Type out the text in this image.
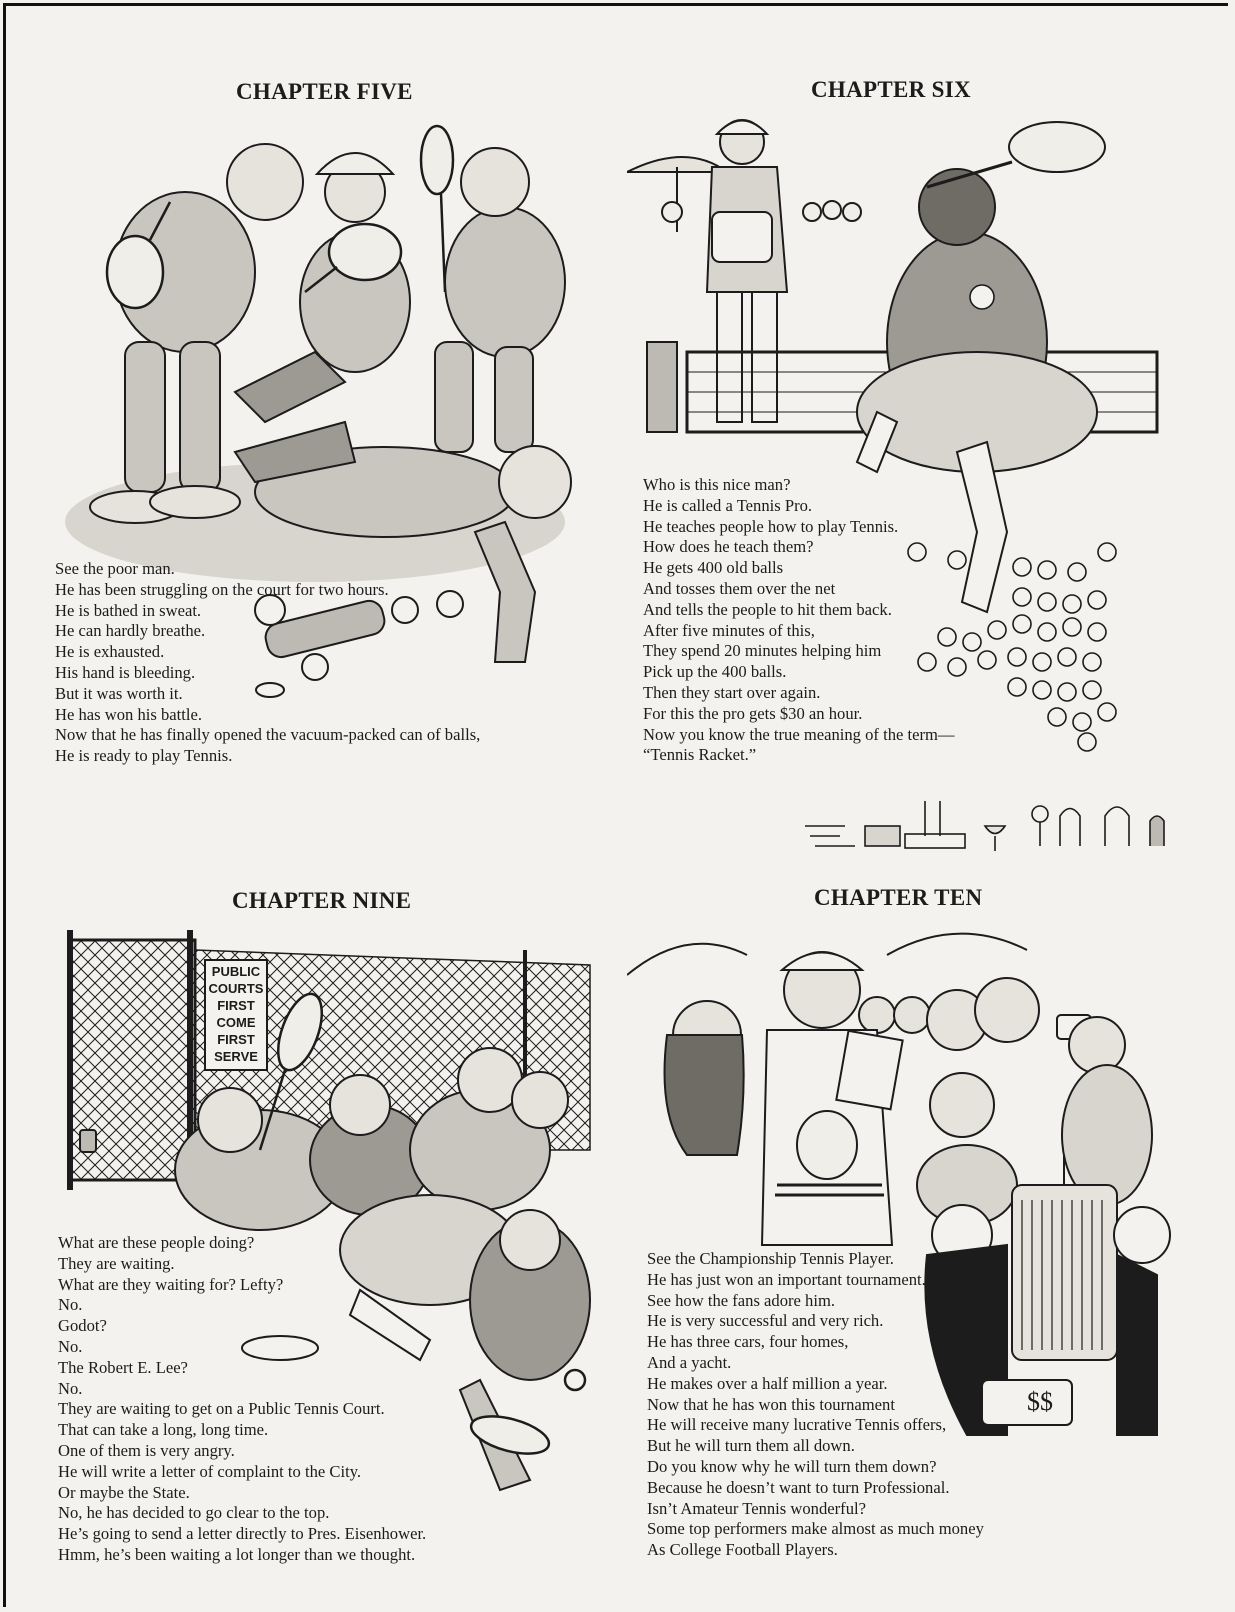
CHAPTER FIVE
See the poor man.
He has been struggling on the court for two hours.
He is bathed in sweat.
He can hardly breathe.
He is exhausted.
His hand is bleeding.
But it was worth it.
He has won his battle.
Now that he has finally opened the vacuum-packed can of balls,
He is ready to play Tennis.
CHAPTER SIX
Who is this nice man?
He is called a Tennis Pro.
He teaches people how to play Tennis.
How does he teach them?
He gets 400 old balls
And tosses them over the net
And tells the people to hit them back.
After five minutes of this,
They spend 20 minutes helping him
Pick up the 400 balls.
Then they start over again.
For this the pro gets $30 an hour.
Now you know the true meaning of the term—
“Tennis Racket.”
CHAPTER NINE
PUBLIC
COURTS
FIRST
COME
FIRST
SERVE
What are these people doing?
They are waiting.
What are they waiting for? Lefty?
No.
Godot?
No.
The Robert E. Lee?
No.
They are waiting to get on a Public Tennis Court.
That can take a long, long time.
One of them is very angry.
He will write a letter of complaint to the City.
Or maybe the State.
No, he has decided to go clear to the top.
He’s going to send a letter directly to Pres. Eisenhower.
Hmm, he’s been waiting a lot longer than we thought.
CHAPTER TEN
$$
See the Championship Tennis Player.
He has just won an important tournament.
See how the fans adore him.
He is very successful and very rich.
He has three cars, four homes,
And a yacht.
He makes over a half million a year.
Now that he has won this tournament
He will receive many lucrative Tennis offers,
But he will turn them all down.
Do you know why he will turn them down?
Because he doesn’t want to turn Professional.
Isn’t Amateur Tennis wonderful?
Some top performers make almost as much money
As College Football Players.
